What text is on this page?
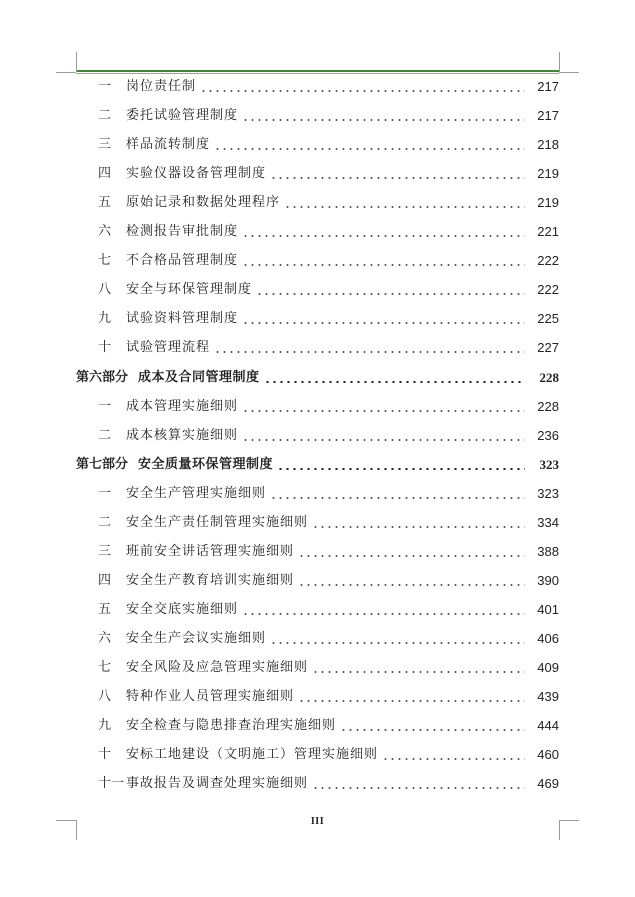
一	岗位责任制	217
二	委托试验管理制度	217
三	样品流转制度	218
四	实验仪器设备管理制度	219
五	原始记录和数据处理程序	219
六	检测报告审批制度	221
七	不合格品管理制度	222
八	安全与环保管理制度	222
九	试验资料管理制度	225
十	试验管理流程	227
第六部分 成本及合同管理制度	228
一	成本管理实施细则	228
二	成本核算实施细则	236
第七部分 安全质量环保管理制度	323
一	安全生产管理实施细则	323
二	安全生产责任制管理实施细则	334
三	班前安全讲话管理实施细则	388
四	安全生产教育培训实施细则	390
五	安全交底实施细则	401
六	安全生产会议实施细则	406
七	安全风险及应急管理实施细则	409
八	特种作业人员管理实施细则	439
九	安全检查与隐患排查治理实施细则	444
十	安标工地建设（文明施工）管理实施细则	460
十一 事故报告及调查处理实施细则	469
III
